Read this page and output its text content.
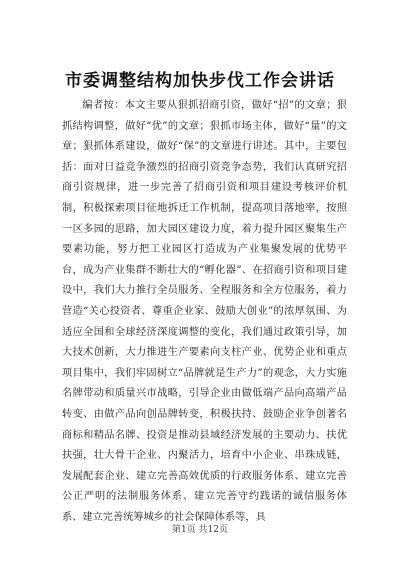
市委调整结构加快步伐工作会讲话

编者按：本文主要从狠抓招商引资，做好“招”的文章；狠抓结构调整，做好“优”的文章；狠抓市场主体，做好“量”的文章；狠抓体系建设，做好“保”的文章进行讲述。其中，主要包括：面对日益竞争激烈的招商引资竞争态势，我们认真研究招商引资规律，进一步完善了招商引资和项目建设考核评价机制，积极探索项目征地拆迁工作机制，提高项目落地率，按照一区多园的思路，加大园区建设力度，着力提升园区聚集生产要素功能，努力把工业园区打造成为产业集聚发展的优势平台，成为产业集群不断壮大的“孵化器”、在招商引资和项目建设中，我们大力推行全员服务、全程服务和全方位服务，着力营造“关心投资者、尊重企业家、鼓励大创业”的浓厚氛围、为适应全国和全球经济深度调整的变化，我们通过政策引导，加大技术创新，大力推进生产要素向支柱产业、优势企业和重点项目集中，我们牢固树立“品牌就是生产力”的观念，大力实施名牌带动和质量兴市战略，引导企业由做低端产品向高端产品转变、由做产品向创品牌转变，积极扶持、鼓励企业争创著名商标和精品名牌、投资是推动县域经济发展的主要动力、扶优扶强，壮大骨干企业、内聚活力，培育中小企业、串珠成链，发展配套企业、建立完善高效优质的行政服务体系、建立完善公正严明的法制服务体系、建立完善守约践诺的诚信服务体系、建立完善统筹城乡的社会保障体系等，具

第1页 共12页
